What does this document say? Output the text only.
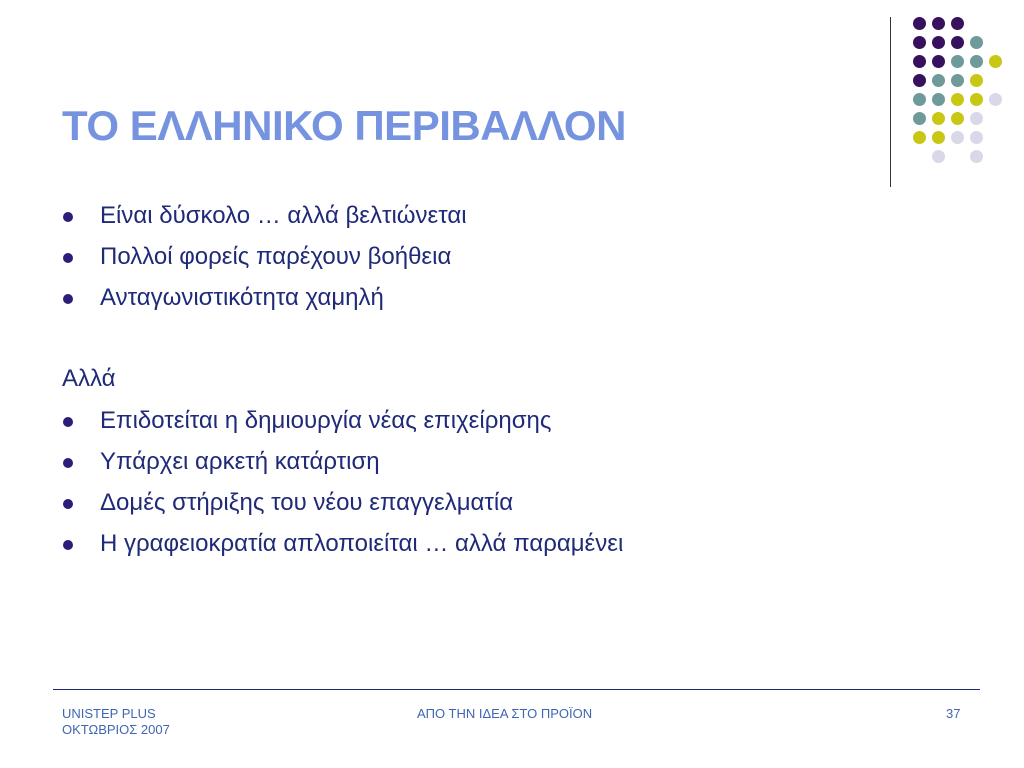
ΤΟ ΕΛΛΗΝΙΚΟ ΠΕΡΙΒΑΛΛΟΝ
Είναι δύσκολο … αλλά βελτιώνεται
Πολλοί φορείς παρέχουν βοήθεια
Ανταγωνιστικότητα χαμηλή
Αλλά
Επιδοτείται η δημιουργία νέας επιχείρησης
Υπάρχει αρκετή κατάρτιση
Δομές στήριξης του νέου επαγγελματία
Η γραφειοκρατία απλοποιείται … αλλά παραμένει
UNISTEP PLUS
ΟΚΤΩΒΡΙΟΣ 2007
ΑΠΟ ΤΗΝ ΙΔΕΑ ΣΤΟ ΠΡΟΪΟΝ	37
